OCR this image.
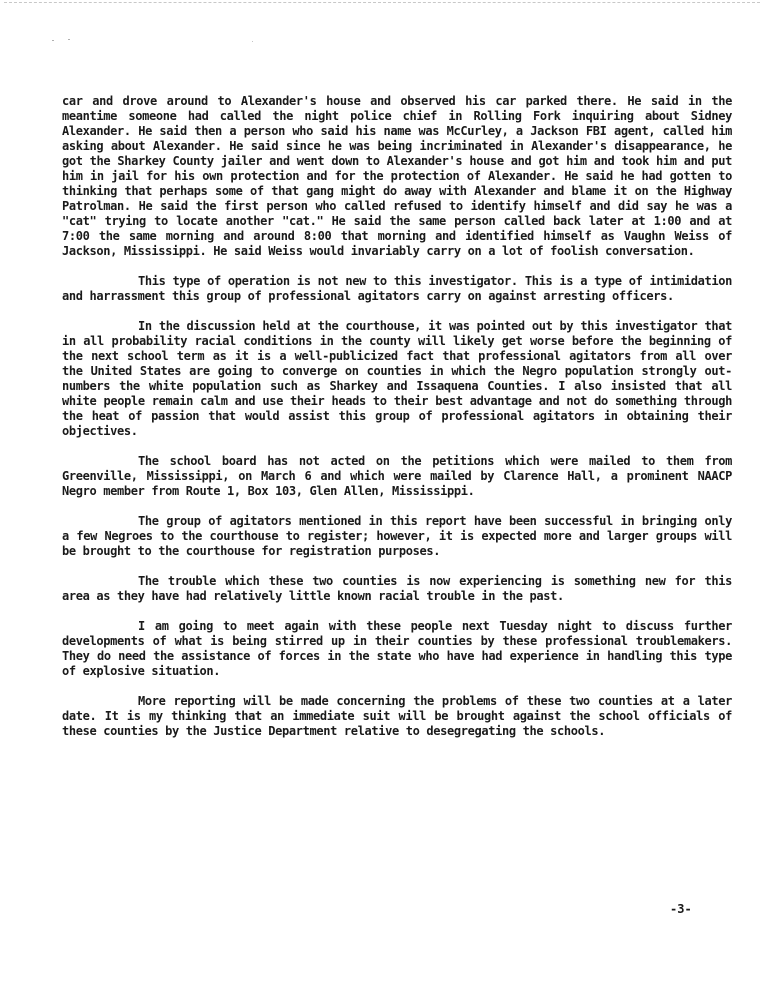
car and drove around to Alexander's house and observed his car parked there. He said in the meantime someone had called the night police chief in Rolling Fork inquiring about Sidney Alexander. He said then a person who said his name was McCurley, a Jackson FBI agent, called him asking about Alexander. He said since he was being incriminated in Alexander's disappearance, he got the Sharkey County jailer and went down to Alexander's house and got him and took him and put him in jail for his own protection and for the protection of Alexander. He said he had gotten to thinking that perhaps some of that gang might do away with Alexander and blame it on the Highway Patrolman. He said the first person who called refused to identify himself and did say he was a "cat" trying to locate another "cat." He said the same person called back later at 1:00 and at 7:00 the same morning and around 8:00 that morning and identified himself as Vaughn Weiss of Jackson, Mississippi. He said Weiss would invariably carry on a lot of foolish conversation.

This type of operation is not new to this investigator. This is a type of intimidation and harrassment this group of professional agitators carry on against arresting officers.

In the discussion held at the courthouse, it was pointed out by this investigator that in all probability racial conditions in the county will likely get worse before the beginning of the next school term as it is a well-publicized fact that professional agitators from all over the United States are going to converge on counties in which the Negro population strongly out-numbers the white population such as Sharkey and Issaquena Counties. I also insisted that all white people remain calm and use their heads to their best advantage and not do something through the heat of passion that would assist this group of professional agitators in obtaining their objectives.

The school board has not acted on the petitions which were mailed to them from Greenville, Mississippi, on March 6 and which were mailed by Clarence Hall, a prominent NAACP Negro member from Route 1, Box 103, Glen Allen, Mississippi.

The group of agitators mentioned in this report have been successful in bringing only a few Negroes to the courthouse to register; however, it is expected more and larger groups will be brought to the courthouse for registration purposes.

The trouble which these two counties is now experiencing is something new for this area as they have had relatively little known racial trouble in the past.

I am going to meet again with these people next Tuesday night to discuss further developments of what is being stirred up in their counties by these professional troublemakers. They do need the assistance of forces in the state who have had experience in handling this type of explosive situation.

More reporting will be made concerning the problems of these two counties at a later date. It is my thinking that an immediate suit will be brought against the school officials of these counties by the Justice Department relative to desegregating the schools.

-3-
